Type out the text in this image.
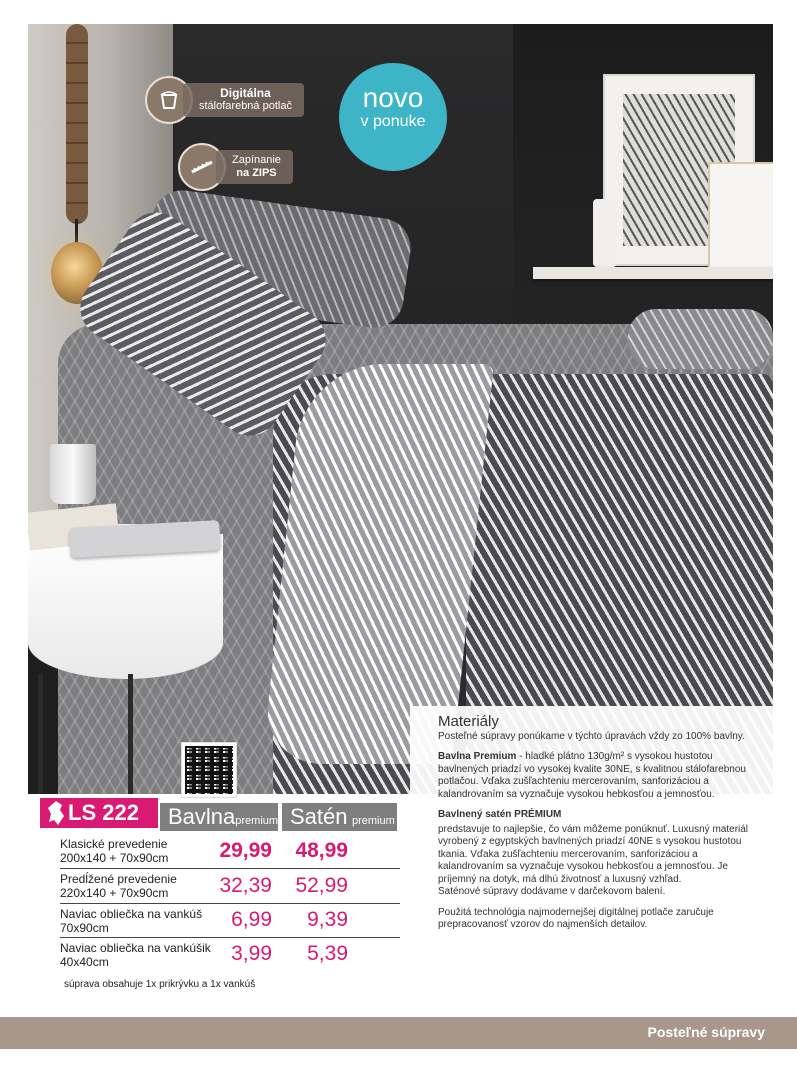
Digitálna
stálofarebná potlač
Zapínanie
na ZIPS
novo
v ponuke
Materiály

Posteľné súpravy ponúkame v týchto úpravách vždy zo 100% bavlny.

Bavlna Premium - hladké plátno 130g/m² s vysokou hustotou bavlnených priadzí vo vysokej kvalite 30NE, s kvalitnou stálofarebnou potlačou. Vďaka zušľachteniu mercerovaním, sanforizáciou a kalandrovaním sa vyznačuje vysokou hebkosťou a jemnosťou.

Bavlnený satén PRÉMIUM

predstavuje to najlepšie, čo vám môžeme ponúknuť. Luxusný materiál vyrobený z egyptských bavlnených priadzí 40NE s vysokou hustotou tkania. Vďaka zušľachteniu mercerovaním, sanforizáciou a kalandrovaním sa vyznačuje vysokou hebkosťou a jemnosťou. Je príjemný na dotyk, má dlhú životnosť a luxusný vzhľad.
Saténové súpravy dodávame v darčekovom balení.

Použitá technológia najmodernejšej digitálnej potlače zaručuje prepracovanosť vzorov do najmenších detailov.

LS 222	Bavlnapremium Satén premium
Klasické prevedenie
200x140 + 70x90cm 29,99 48,99
Predĺžené prevedenie
220x140 + 70x90cm	32,39 52,99
Naviac obliečka na vankúš
70x90cm	6,99 9,39
Naviac obliečka na vankúšik
40x40cm	3,99 5,39
súprava obsahuje 1x prikrývku a 1x vankúš
Posteľné súpravy
